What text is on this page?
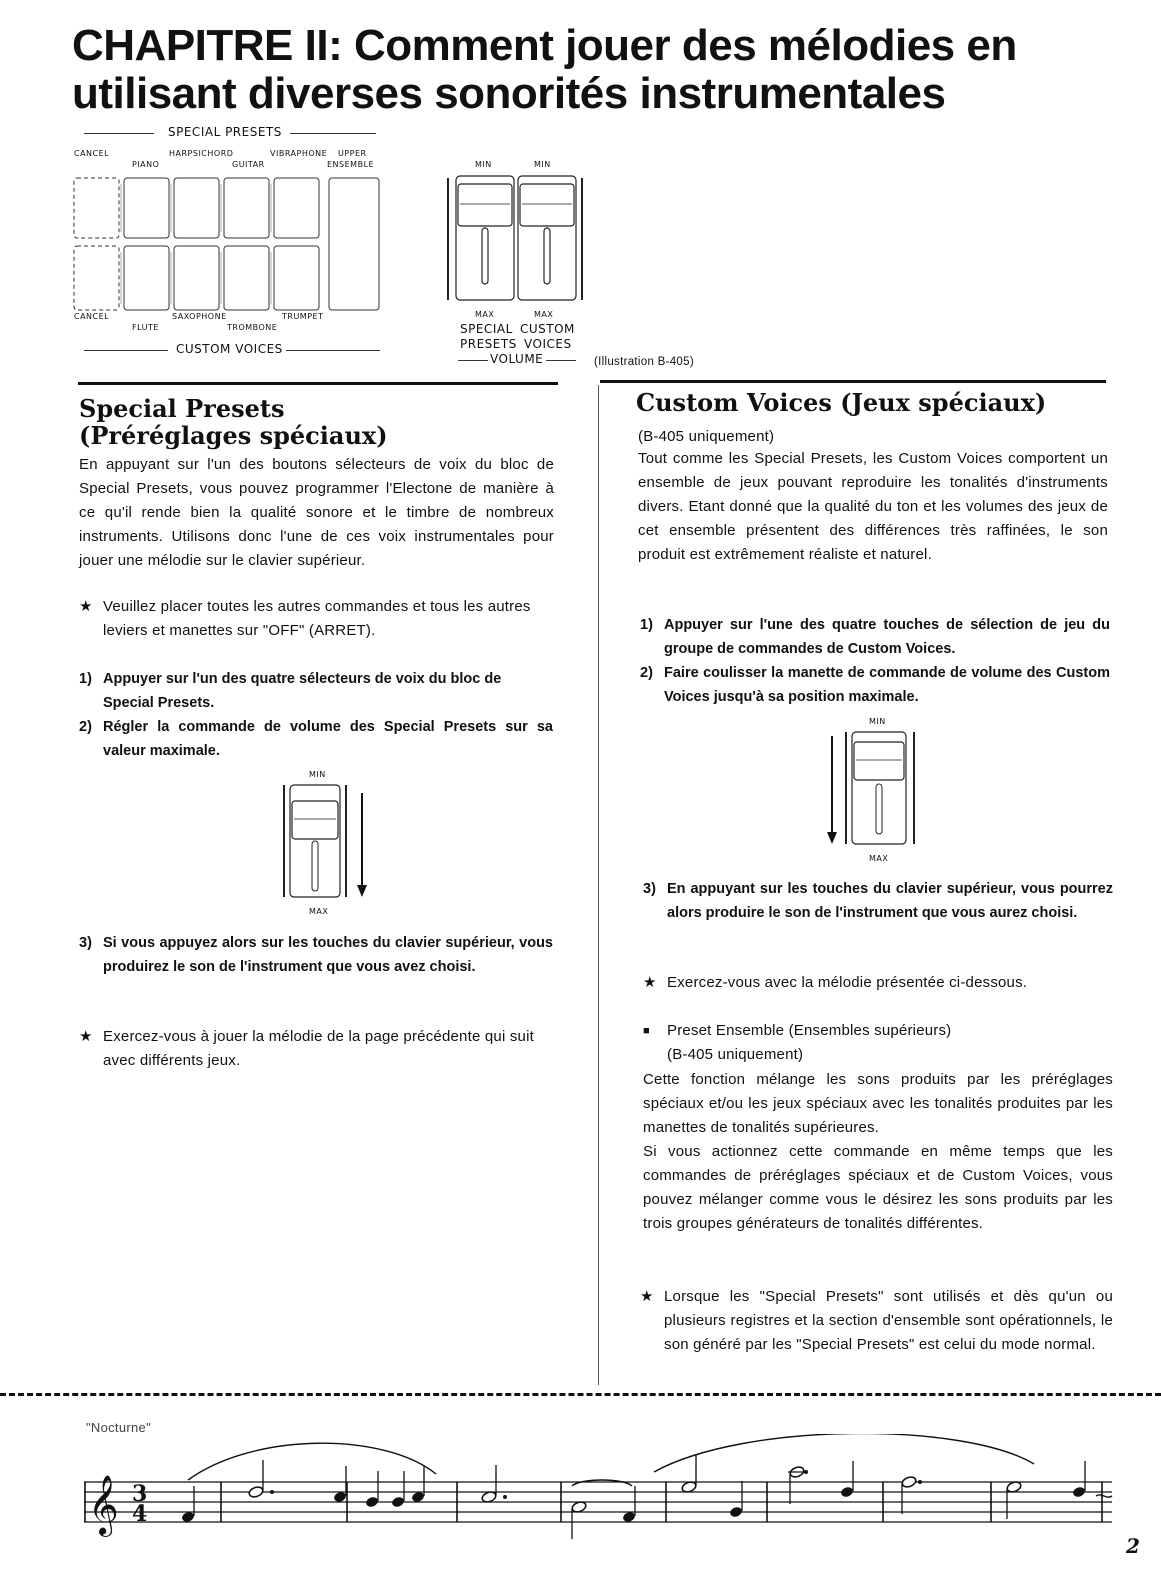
CHAPITRE II: Comment jouer des mélodies en utilisant diverses sonorités instrumentales
SPECIAL PRESETS
CANCEL
PIANO
HARPSICHORD
GUITAR
VIBRAPHONE UPPER
ENSEMBLE
CANCEL
FLUTE
SAXOPHONE
TROMBONE
TRUMPET
CUSTOM VOICES
MIN	MIN
MAX	MAX
SPECIAL
PRESETS
CUSTOM
VOICES
VOLUME	(Illustration B-405)
Special Presets
(Préréglages spéciaux)
En appuyant sur l'un des boutons sélecteurs de voix du bloc de Special Presets, vous pouvez programmer l'Electone de manière à ce qu'il rende bien la qualité sonore et le timbre de nombreux instruments. Utilisons donc l'une de ces voix instrumentales pour jouer une mélodie sur le clavier supérieur.
★ Veuillez placer toutes les autres commandes et tous les autres leviers et manettes sur "OFF" (ARRET).
1) Appuyer sur l'un des quatre sélecteurs de voix du bloc de Special Presets.
2) Régler la commande de volume des Special Presets sur sa valeur maximale.
MIN
MAX
3) Si vous appuyez alors sur les touches du clavier supérieur, vous produirez le son de l'instrument que vous avez choisi.
★ Exercez-vous à jouer la mélodie de la page précédente qui suit avec différents jeux.
Custom Voices (Jeux spéciaux)
(B-405 uniquement)
Tout comme les Special Presets, les Custom Voices comportent un ensemble de jeux pouvant reproduire les tonalités d'instruments divers. Etant donné que la qualité du ton et les volumes des jeux de cet ensemble présentent des différences très raffinées, le son produit est extrêmement réaliste et naturel.
1) Appuyer sur l'une des quatre touches de sélection de jeu du groupe de commandes de Custom Voices.
2) Faire coulisser la manette de commande de volume des Custom Voices jusqu'à sa position maximale.
MIN
MAX
3) En appuyant sur les touches du clavier supérieur, vous pourrez alors produire le son de l'instrument que vous aurez choisi.
★ Exercez-vous avec la mélodie présentée ci-dessous.
■ Preset Ensemble (Ensembles supérieurs)
(B-405 uniquement)
Cette fonction mélange les sons produits par les préréglages spéciaux et/ou les jeux spéciaux avec les tonalités produites par les manettes de tonalités supérieures.
Si vous actionnez cette commande en même temps que les commandes de préréglages spéciaux et de Custom Voices, vous pouvez mélanger comme vous le désirez les sons produits par les trois groupes générateurs de tonalités différentes.
★ Lorsque les "Special Presets" sont utilisés et dès qu'un ou plusieurs registres et la section d'ensemble sont opérationnels, le son généré par les "Special Presets" est celui du mode normal.
"Nocturne"
𝄞 3
4
2
